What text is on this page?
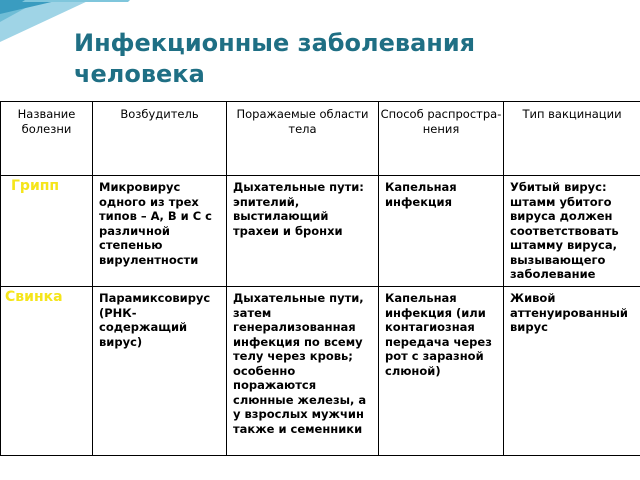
Инфекционные заболевания человека
Название болезни	Возбудитель	Поражаемые области тела	Способ распростра-нения	Тип вакцинации
Грипп	Микровирус одного из трех типов – А, В и С с различной степенью вирулентности	Дыхательные пути: эпителий, выстилающий трахеи и бронхи	Капельная инфекция	Убитый вирус: штамм убитого вируса должен соответствовать штамму вируса, вызывающего заболевание
Свинка	Парамиксовирус (РНК-содержащий вирус)	Дыхательные пути, затем генерализованная инфекция по всему телу через кровь; особенно поражаются слюнные железы, а у взрослых мужчин также и семенники	Капельная инфекция (или контагиозная передача через рот с заразной слюной)	Живой аттенуированный вирус
